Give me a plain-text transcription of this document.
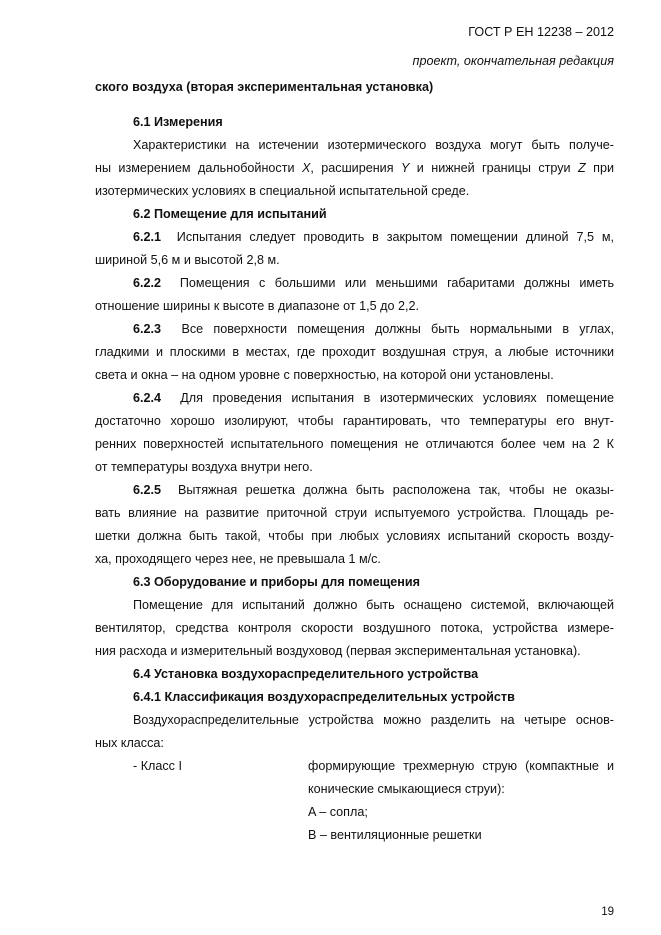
ГОСТ Р ЕН 12238 – 2012
проект, окончательная редакция
ского воздуха (вторая экспериментальная установка)
6.1 Измерения
Характеристики на истечении изотермического воздуха могут быть получе-
ны измерением дальнобойности X, расширения Y и нижней границы струи Z при
изотермических условиях в специальной испытательной среде.
6.2 Помещение для испытаний
6.2.1 Испытания следует проводить в закрытом помещении длиной 7,5 м,
шириной 5,6 м и высотой 2,8 м.
6.2.2 Помещения с большими или меньшими габаритами должны иметь
отношение ширины к высоте в диапазоне от 1,5 до 2,2.
6.2.3 Все поверхности помещения должны быть нормальными в углах,
гладкими и плоскими в местах, где проходит воздушная струя, а любые источники
света и окна – на одном уровне с поверхностью, на которой они установлены.
6.2.4 Для проведения испытания в изотермических условиях помещение
достаточно хорошо изолируют, чтобы гарантировать, что температуры его внут-
ренних поверхностей испытательного помещения не отличаются более чем на 2 К
от температуры воздуха внутри него.
6.2.5 Вытяжная решетка должна быть расположена так, чтобы не оказы-
вать влияние на развитие приточной струи испытуемого устройства. Площадь ре-
шетки должна быть такой, чтобы при любых условиях испытаний скорость возду-
ха, проходящего через нее, не превышала 1 м/с.
6.3 Оборудование и приборы для помещения
Помещение для испытаний должно быть оснащено системой, включающей
вентилятор, средства контроля скорости воздушного потока, устройства измере-
ния расхода и измерительный воздуховод (первая экспериментальная установка).
6.4 Установка воздухораспределительного устройства
6.4.1 Классификация воздухораспределительных устройств
Воздухораспределительные устройства можно разделить на четыре основ-
ных класса:
- Класс I	формирующие трехмерную струю (компактные и
конические смыкающиеся струи):
A – сопла;
B – вентиляционные решетки
19
